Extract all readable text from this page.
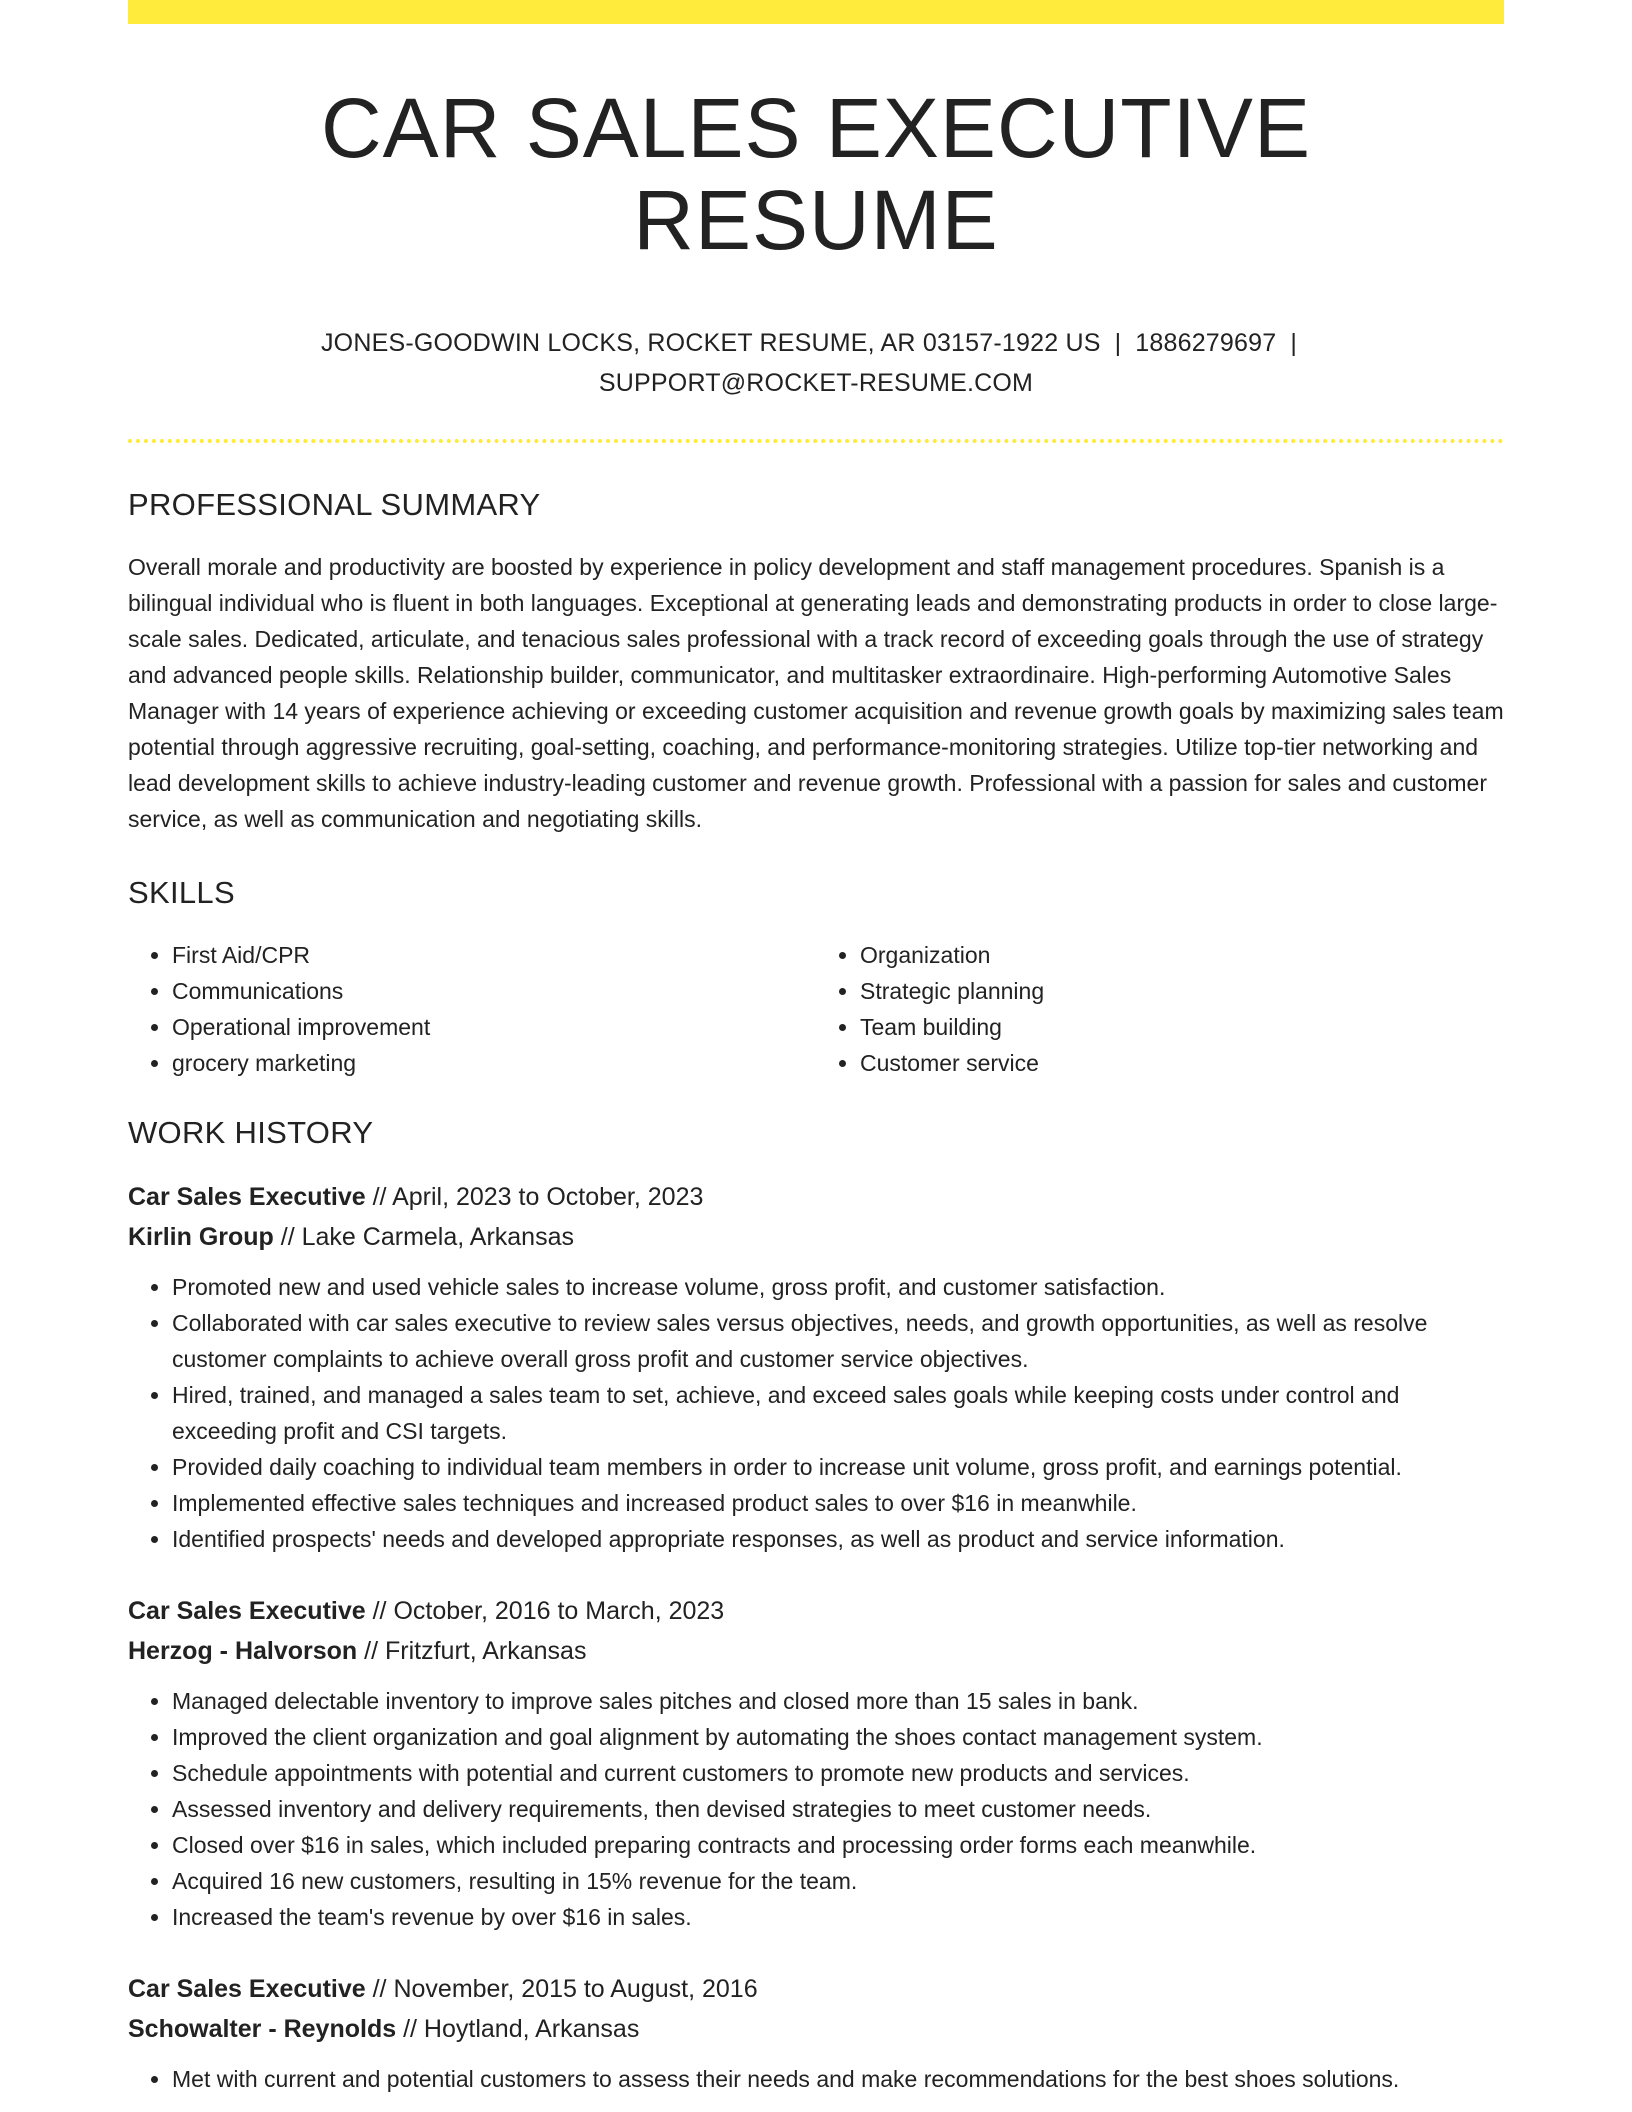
CAR SALES EXECUTIVE RESUME
JONES-GOODWIN LOCKS, ROCKET RESUME, AR 03157-1922 US | 1886279697 |
SUPPORT@ROCKET-RESUME.COM
PROFESSIONAL SUMMARY

Overall morale and productivity are boosted by experience in policy development and staff management procedures. Spanish is a bilingual individual who is fluent in both languages. Exceptional at generating leads and demonstrating products in order to close large-scale sales. Dedicated, articulate, and tenacious sales professional with a track record of exceeding goals through the use of strategy and advanced people skills. Relationship builder, communicator, and multitasker extraordinaire. High-performing Automotive Sales Manager with 14 years of experience achieving or exceeding customer acquisition and revenue growth goals by maximizing sales team potential through aggressive recruiting, goal-setting, coaching, and performance-monitoring strategies. Utilize top-tier networking and lead development skills to achieve industry-leading customer and revenue growth. Professional with a passion for sales and customer service, as well as communication and negotiating skills.

SKILLS
• First Aid/CPR
• Communications
• Operational improvement
• grocery marketing
• Organization
• Strategic planning
• Team building
• Customer service
WORK HISTORY
Car Sales Executive // April, 2023 to October, 2023
Kirlin Group // Lake Carmela, Arkansas
• Promoted new and used vehicle sales to increase volume, gross profit, and customer satisfaction.
• Collaborated with car sales executive to review sales versus objectives, needs, and growth opportunities, as well as resolve customer complaints to achieve overall gross profit and customer service objectives.
• Hired, trained, and managed a sales team to set, achieve, and exceed sales goals while keeping costs under control and exceeding profit and CSI targets.
• Provided daily coaching to individual team members in order to increase unit volume, gross profit, and earnings potential.
• Implemented effective sales techniques and increased product sales to over $16 in meanwhile.
• Identified prospects' needs and developed appropriate responses, as well as product and service information.
Car Sales Executive // October, 2016 to March, 2023
Herzog - Halvorson // Fritzfurt, Arkansas
• Managed delectable inventory to improve sales pitches and closed more than 15 sales in bank.
• Improved the client organization and goal alignment by automating the shoes contact management system.
• Schedule appointments with potential and current customers to promote new products and services.
• Assessed inventory and delivery requirements, then devised strategies to meet customer needs.
• Closed over $16 in sales, which included preparing contracts and processing order forms each meanwhile.
• Acquired 16 new customers, resulting in 15% revenue for the team.
• Increased the team's revenue by over $16 in sales.
Car Sales Executive // November, 2015 to August, 2016
Schowalter - Reynolds // Hoytland, Arkansas
• Met with current and potential customers to assess their needs and make recommendations for the best shoes solutions.
